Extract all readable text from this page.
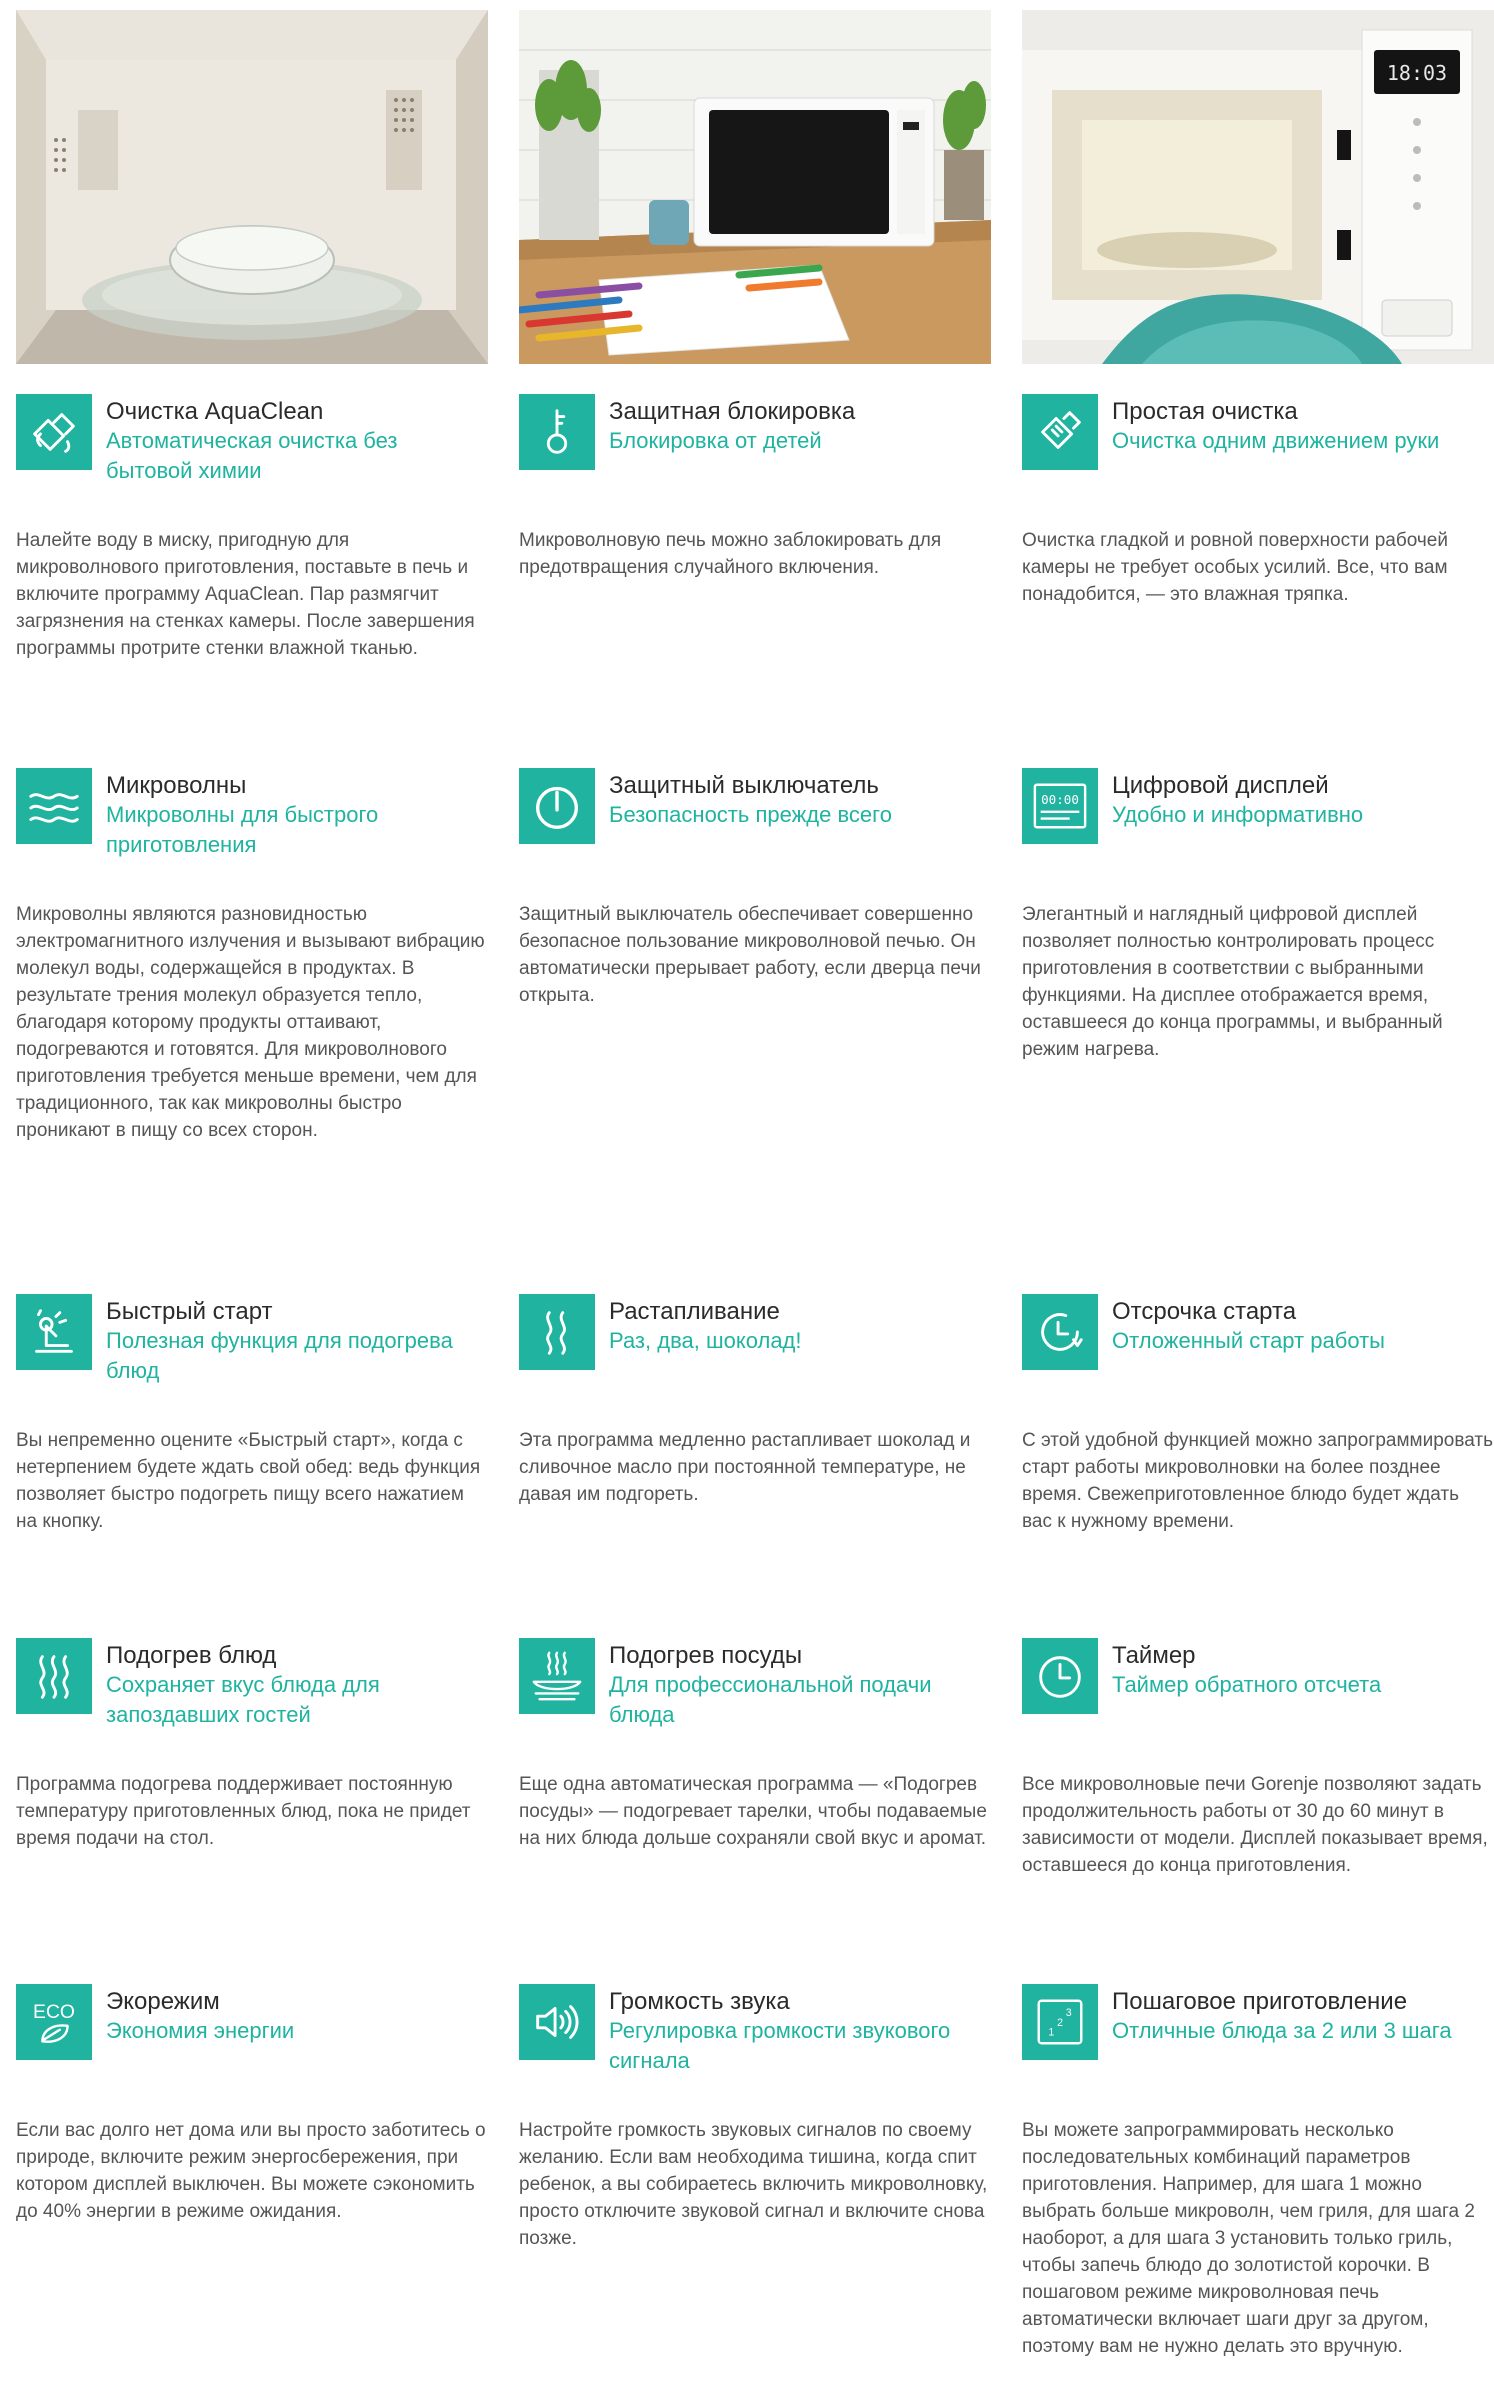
18:03
Очистка AquaClean
Автоматическая очистка без бытовой химии
Налейте воду в миску, пригодную для микроволнового приготовления, поставьте в печь и включите программу AquaClean. Пар размягчит загрязнения на стенках камеры. После завершения программы протрите стенки влажной тканью.
Защитная блокировка
Блокировка от детей
Микроволновую печь можно заблокировать для предотвращения случайного включения.
Простая очистка
Очистка одним движением руки
Очистка гладкой и ровной поверхности рабочей камеры не требует особых усилий. Все, что вам понадобится, — это влажная тряпка.
Микроволны
Микроволны для быстрого приготовления
Микроволны являются разновидностью электромагнитного излучения и вызывают вибрацию молекул воды, содержащейся в продуктах. В результате трения молекул образуется тепло, благодаря которому продукты оттаивают, подогреваются и готовятся. Для микроволнового приготовления требуется меньше времени, чем для традиционного, так как микроволны быстро проникают в пищу со всех сторон.
Защитный выключатель
Безопасность прежде всего
Защитный выключатель обеспечивает совершенно безопасное пользование микроволновой печью. Он автоматически прерывает работу, если дверца печи открыта.
00:00
Цифровой дисплей
Удобно и информативно
Элегантный и наглядный цифровой дисплей позволяет полностью контролировать процесс приготовления в соответствии с выбранными функциями. На дисплее отображается время, оставшееся до конца программы, и выбранный режим нагрева.
Быстрый старт
Полезная функция для подогрева блюд
Вы непременно оцените «Быстрый старт», когда с нетерпением будете ждать свой обед: ведь функция позволяет быстро подогреть пищу всего нажатием на кнопку.
Растапливание
Раз, два, шоколад!
Эта программа медленно растапливает шоколад и сливочное масло при постоянной температуре, не давая им подгореть.
Отсрочка старта
Отложенный старт работы
С этой удобной функцией можно запрограммировать старт работы микроволновки на более позднее время. Свежеприготовленное блюдо будет ждать вас к нужному времени.
Подогрев блюд
Сохраняет вкус блюда для запоздавших гостей
Программа подогрева поддерживает постоянную температуру приготовленных блюд, пока не придет время подачи на стол.
Подогрев посуды
Для профессиональной подачи блюда
Еще одна автоматическая программа — «Подогрев посуды» — подогревает тарелки, чтобы подаваемые на них блюда дольше сохраняли свой вкус и аромат.
Таймер
Таймер обратного отсчета
Все микроволновые печи Gorenje позволяют задать продолжительность работы от 30 до 60 минут в зависимости от модели. Дисплей показывает время, оставшееся до конца приготовления.
ECO Экорежим
Экономия энергии
Если вас долго нет дома или вы просто заботитесь о природе, включите режим энергосбережения, при котором дисплей выключен. Вы можете сэкономить до 40% энергии в режиме ожидания.
Громкость звука
Регулировка громкости звукового сигнала
Настройте громкость звуковых сигналов по своему желанию. Если вам необходима тишина, когда спит ребенок, а вы собираетесь включить микроволновку, просто отключите звуковой сигнал и включите снова позже.
1
2
3 Пошаговое приготовление
Отличные блюда за 2 или 3 шага
Вы можете запрограммировать несколько последовательных комбинаций параметров приготовления. Например, для шага 1 можно выбрать больше микроволн, чем гриля, для шага 2 наоборот, а для шага 3 установить только гриль, чтобы запечь блюдо до золотистой корочки. В пошаговом режиме микроволновая печь автоматически включает шаги друг за другом, поэтому вам не нужно делать это вручную.
